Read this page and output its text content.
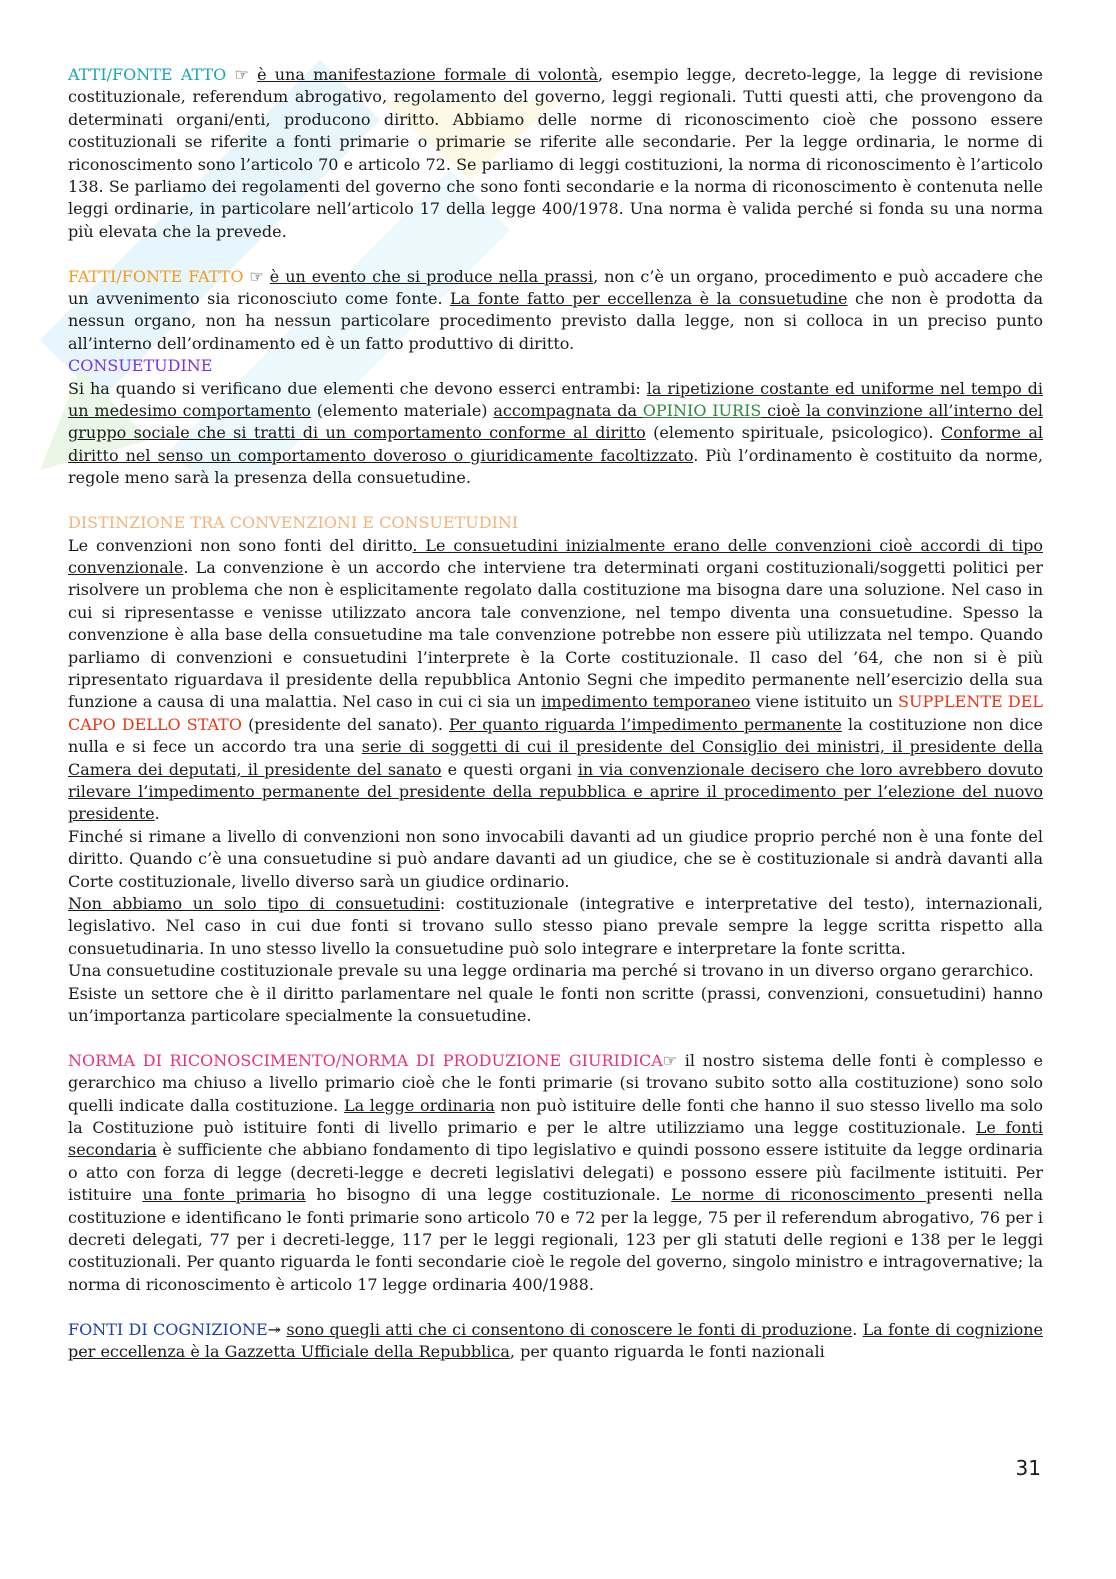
ATTI/FONTE ATTO ☞ è una manifestazione formale di volontà, esempio legge, decreto-legge, la legge di revisione costituzionale, referendum abrogativo, regolamento del governo, leggi regionali. Tutti questi atti, che provengono da determinati organi/enti, producono diritto. Abbiamo delle norme di riconoscimento cioè che possono essere costituzionali se riferite a fonti primarie o primarie se riferite alle secondarie. Per la legge ordinaria, le norme di riconoscimento sono l’articolo 70 e articolo 72. Se parliamo di leggi costituzioni, la norma di riconoscimento è l’articolo 138. Se parliamo dei regolamenti del governo che sono fonti secondarie e la norma di riconoscimento è contenuta nelle leggi ordinarie, in particolare nell’articolo 17 della legge 400/1978. Una norma è valida perché si fonda su una norma più elevata che la prevede.

FATTI/FONTE FATTO ☞ è un evento che si produce nella prassi, non c’è un organo, procedimento e può accadere che un avvenimento sia riconosciuto come fonte. La fonte fatto per eccellenza è la consuetudine che non è prodotta da nessun organo, non ha nessun particolare procedimento previsto dalla legge, non si colloca in un preciso punto all’interno dell’ordinamento ed è un fatto produttivo di diritto.

CONSUETUDINE

Si ha quando si verificano due elementi che devono esserci entrambi: la ripetizione costante ed uniforme nel tempo di un medesimo comportamento (elemento materiale) accompagnata da OPINIO IURIS cioè la convinzione all’interno del gruppo sociale che si tratti di un comportamento conforme al diritto (elemento spirituale, psicologico). Conforme al diritto nel senso un comportamento doveroso o giuridicamente facoltizzato. Più l’ordinamento è costituito da norme, regole meno sarà la presenza della consuetudine.

DISTINZIONE TRA CONVENZIONI E CONSUETUDINI

Le convenzioni non sono fonti del diritto. Le consuetudini inizialmente erano delle convenzioni cioè accordi di tipo convenzionale. La convenzione è un accordo che interviene tra determinati organi costituzionali/soggetti politici per risolvere un problema che non è esplicitamente regolato dalla costituzione ma bisogna dare una soluzione. Nel caso in cui si ripresentasse e venisse utilizzato ancora tale convenzione, nel tempo diventa una consuetudine. Spesso la convenzione è alla base della consuetudine ma tale convenzione potrebbe non essere più utilizzata nel tempo. Quando parliamo di convenzioni e consuetudini l’interprete è la Corte costituzionale. Il caso del ’64, che non si è più ripresentato riguardava il presidente della repubblica Antonio Segni che impedito permanente nell’esercizio della sua funzione a causa di una malattia. Nel caso in cui ci sia un impedimento temporaneo viene istituito un SUPPLENTE DEL CAPO DELLO STATO (presidente del sanato). Per quanto riguarda l’impedimento permanente la costituzione non dice nulla e si fece un accordo tra una serie di soggetti di cui il presidente del Consiglio dei ministri, il presidente della Camera dei deputati, il presidente del sanato e questi organi in via convenzionale decisero che loro avrebbero dovuto rilevare l’impedimento permanente del presidente della repubblica e aprire il procedimento per l’elezione del nuovo presidente.

Finché si rimane a livello di convenzioni non sono invocabili davanti ad un giudice proprio perché non è una fonte del diritto. Quando c’è una consuetudine si può andare davanti ad un giudice, che se è costituzionale si andrà davanti alla Corte costituzionale, livello diverso sarà un giudice ordinario.

Non abbiamo un solo tipo di consuetudini: costituzionale (integrative e interpretative del testo), internazionali, legislativo. Nel caso in cui due fonti si trovano sullo stesso piano prevale sempre la legge scritta rispetto alla consuetudinaria. In uno stesso livello la consuetudine può solo integrare e interpretare la fonte scritta.

Una consuetudine costituzionale prevale su una legge ordinaria ma perché si trovano in un diverso organo gerarchico.

Esiste un settore che è il diritto parlamentare nel quale le fonti non scritte (prassi, convenzioni, consuetudini) hanno un’importanza particolare specialmente la consuetudine.

NORMA DI RICONOSCIMENTO/NORMA DI PRODUZIONE GIURIDICA☞ il nostro sistema delle fonti è complesso e gerarchico ma chiuso a livello primario cioè che le fonti primarie (si trovano subito sotto alla costituzione) sono solo quelli indicate dalla costituzione. La legge ordinaria non può istituire delle fonti che hanno il suo stesso livello ma solo la Costituzione può istituire fonti di livello primario e per le altre utilizziamo una legge costituzionale. Le fonti secondaria è sufficiente che abbiano fondamento di tipo legislativo e quindi possono essere istituite da legge ordinaria o atto con forza di legge (decreti-legge e decreti legislativi delegati) e possono essere più facilmente istituiti. Per istituire una fonte primaria ho bisogno di una legge costituzionale. Le norme di riconoscimento presenti nella costituzione e identificano le fonti primarie sono articolo 70 e 72 per la legge, 75 per il referendum abrogativo, 76 per i decreti delegati, 77 per i decreti-legge, 117 per le leggi regionali, 123 per gli statuti delle regioni e 138 per le leggi costituzionali. Per quanto riguarda le fonti secondarie cioè le regole del governo, singolo ministro e intragovernative; la norma di riconoscimento è articolo 17 legge ordinaria 400/1988.

FONTI DI COGNIZIONE↠ sono quegli atti che ci consentono di conoscere le fonti di produzione. La fonte di cognizione per eccellenza è la Gazzetta Ufficiale della Repubblica, per quanto riguarda le fonti nazionali

31
